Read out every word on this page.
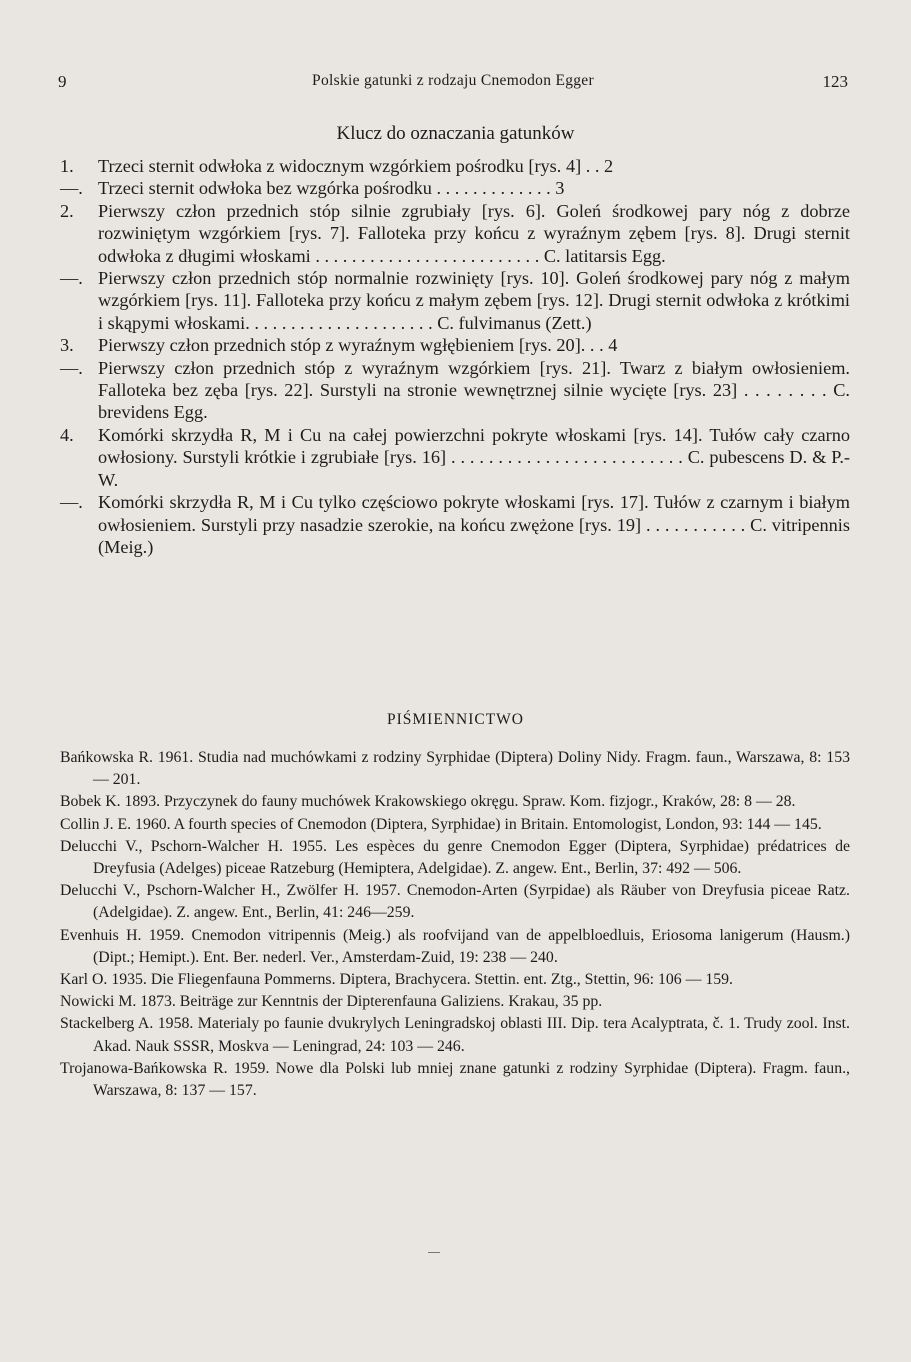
9	Polskie gatunki z rodzaju Cnemodon Egger	123
Klucz do oznaczania gatunków
1. Trzeci sternit odwłoka z widocznym wzgórkiem pośrodku [rys. 4] . . 2
—. Trzeci sternit odwłoka bez wzgórka pośrodku . . . . . . . . . . . . . 3
2. Pierwszy człon przednich stóp silnie zgrubiały [rys. 6]. Goleń środkowej pary nóg z dobrze rozwiniętym wzgórkiem [rys. 7]. Falloteka przy końcu z wyraźnym zębem [rys. 8]. Drugi sternit odwłoka z długimi włoskami . . . . . . . . . . . . . . . . . . . . . . . . . C. latitarsis Egg.
—. Pierwszy człon przednich stóp normalnie rozwinięty [rys. 10]. Goleń środkowej pary nóg z małym wzgórkiem [rys. 11]. Falloteka przy końcu z małym zębem [rys. 12]. Drugi sternit odwłoka z krótkimi i skąpymi włoskami. . . . . . . . . . . . . . . . . . . . . C. fulvimanus (Zett.)
3. Pierwszy człon przednich stóp z wyraźnym wgłębieniem [rys. 20]. . . 4
—. Pierwszy człon przednich stóp z wyraźnym wzgórkiem [rys. 21]. Twarz z białym owłosieniem. Falloteka bez zęba [rys. 22]. Surstyli na stronie wewnętrznej silnie wycięte [rys. 23] . . . . . . . . C. brevidens Egg.
4. Komórki skrzydła R, M i Cu na całej powierzchni pokryte włoskami [rys. 14]. Tułów cały czarno owłosiony. Surstyli krótkie i zgrubiałe [rys. 16] . . . . . . . . . . . . . . . . . . . . . . . . . C. pubescens D. & P.-W.
—. Komórki skrzydła R, M i Cu tylko częściowo pokryte włoskami [rys. 17]. Tułów z czarnym i białym owłosieniem. Surstyli przy nasadzie szerokie, na końcu zwężone [rys. 19] . . . . . . . . . . . C. vitripennis (Meig.)
PIŚMIENNICTWO
Bańkowska R. 1961. Studia nad muchówkami z rodziny Syrphidae (Diptera) Doliny Nidy. Fragm. faun., Warszawa, 8: 153 — 201.
Bobek K. 1893. Przyczynek do fauny muchówek Krakowskiego okręgu. Spraw. Kom. fizjogr., Kraków, 28: 8 — 28.
Collin J. E. 1960. A fourth species of Cnemodon (Diptera, Syrphidae) in Britain. Entomologist, London, 93: 144 — 145.
Delucchi V., Pschorn-Walcher H. 1955. Les espèces du genre Cnemodon Egger (Diptera, Syrphidae) prédatrices de Dreyfusia (Adelges) piceae Ratzeburg (Hemiptera, Adelgidae). Z. angew. Ent., Berlin, 37: 492 — 506.
Delucchi V., Pschorn-Walcher H., Zwölfer H. 1957. Cnemodon-Arten (Syrpidae) als Räuber von Dreyfusia piceae Ratz. (Adelgidae). Z. angew. Ent., Berlin, 41: 246—259.
Evenhuis H. 1959. Cnemodon vitripennis (Meig.) als roofvijand van de appelbloedluis, Eriosoma lanigerum (Hausm.) (Dipt.; Hemipt.). Ent. Ber. nederl. Ver., Amsterdam-Zuid, 19: 238 — 240.
Karl O. 1935. Die Fliegenfauna Pommerns. Diptera, Brachycera. Stettin. ent. Ztg., Stettin, 96: 106 — 159.
Nowicki M. 1873. Beiträge zur Kenntnis der Dipterenfauna Galiziens. Krakau, 35 pp.
Stackelberg A. 1958. Materialy po faunie dvukrylych Leningradskoj oblasti III. Dip. tera Acalyptrata, č. 1. Trudy zool. Inst. Akad. Nauk SSSR, Moskva — Leningrad, 24: 103 — 246.
Trojanowa-Bańkowska R. 1959. Nowe dla Polski lub mniej znane gatunki z rodziny Syrphidae (Diptera). Fragm. faun., Warszawa, 8: 137 — 157.
